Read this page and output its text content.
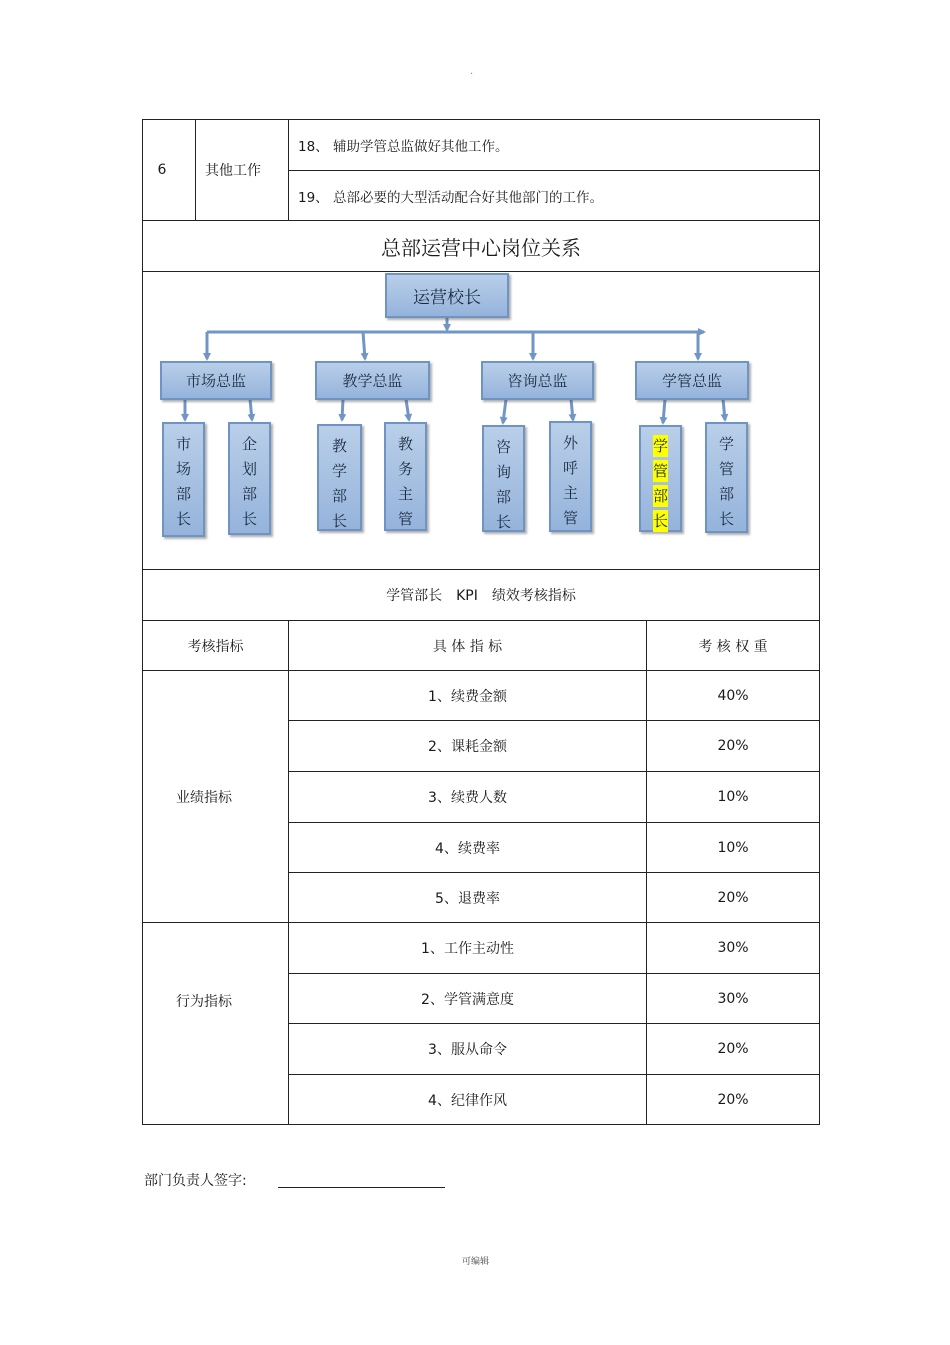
.
6	其他工作
18、 辅助学管总监做好其他工作。
19、 总部必要的大型活动配合好其他部门的工作。
总部运营中心岗位关系
运营校长
市场总监	教学总监	咨询总监	学管总监
市
场
部
长
企
划
部
长
教
学
部
长
教
务
主
管
咨
询
部
长
外
呼
主
管
学
管
部
长
学
管
部
长
学管部长　KPI　绩效考核指标
考核指标	具 体 指 标	考 核 权 重
业绩指标
1、续费金额	40%
2、课耗金额	20%
3、续费人数	10%
4、续费率	10%
5、退费率	20%
行为指标
1、工作主动性	30%
2、学管满意度	30%
3、服从命令	20%
4、纪律作风	20%
部门负责人签字:
可编辑
